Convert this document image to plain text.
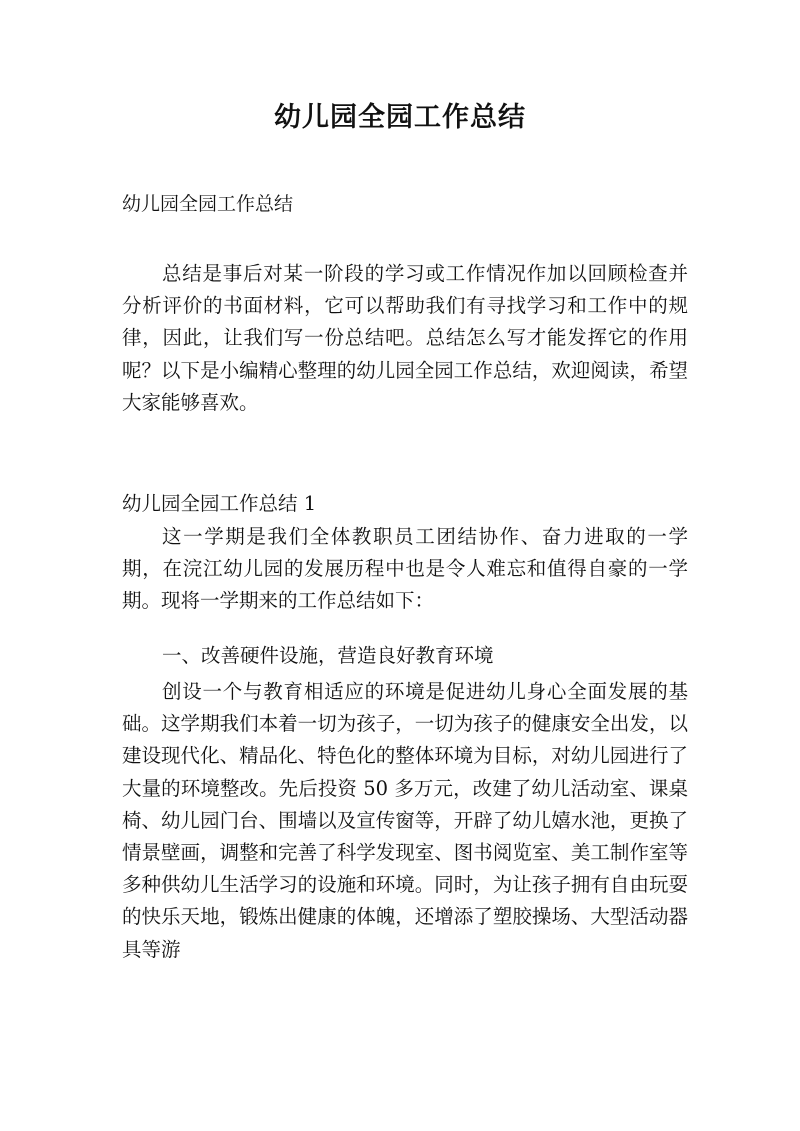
幼儿园全园工作总结
幼儿园全园工作总结
总结是事后对某一阶段的学习或工作情况作加以回顾检查并分析评价的书面材料，它可以帮助我们有寻找学习和工作中的规律，因此，让我们写一份总结吧。总结怎么写才能发挥它的作用呢？以下是小编精心整理的幼儿园全园工作总结，欢迎阅读，希望大家能够喜欢。
幼儿园全园工作总结 1
这一学期是我们全体教职员工团结协作、奋力进取的一学期，在浣江幼儿园的发展历程中也是令人难忘和值得自豪的一学期。现将一学期来的工作总结如下：
一、改善硬件设施，营造良好教育环境
创设一个与教育相适应的环境是促进幼儿身心全面发展的基础。这学期我们本着一切为孩子，一切为孩子的健康安全出发，以建设现代化、精品化、特色化的整体环境为目标，对幼儿园进行了大量的环境整改。先后投资 50 多万元，改建了幼儿活动室、课桌椅、幼儿园门台、围墙以及宣传窗等，开辟了幼儿嬉水池，更换了情景壁画，调整和完善了科学发现室、图书阅览室、美工制作室等多种供幼儿生活学习的设施和环境。同时，为让孩子拥有自由玩耍的快乐天地，锻炼出健康的体魄，还增添了塑胶操场、大型活动器具等游
